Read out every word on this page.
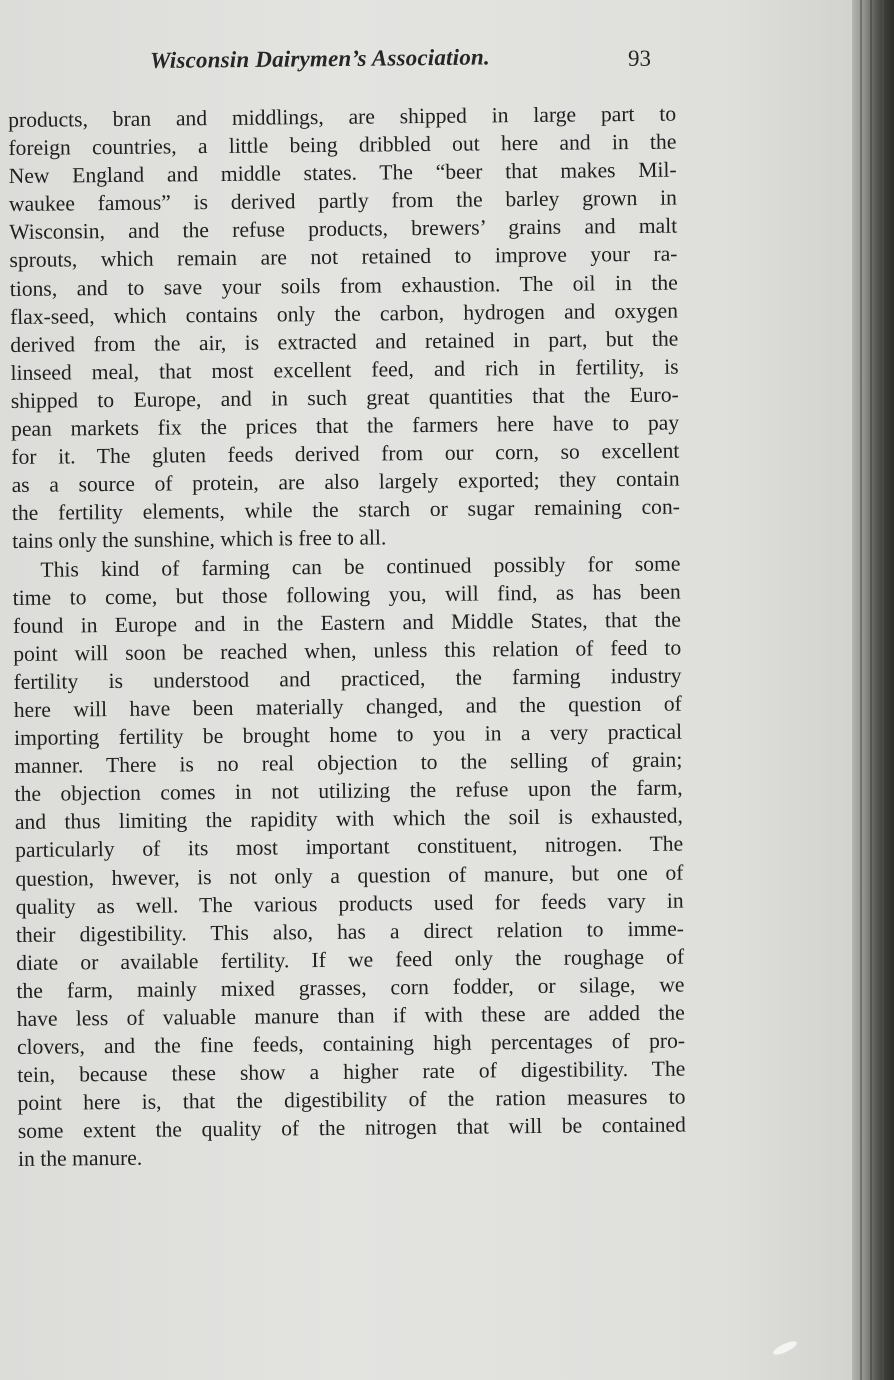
Wisconsin Dairymen’s Association.	93

products, bran and middlings, are shipped in large part to
foreign countries, a little being dribbled out here and in the
New England and middle states. The “beer that makes Mil-
waukee famous” is derived partly from the barley grown in
Wisconsin, and the refuse products, brewers’ grains and malt
sprouts, which remain are not retained to improve your ra-
tions, and to save your soils from exhaustion. The oil in the
flax-seed, which contains only the carbon, hydrogen and oxygen
derived from the air, is extracted and retained in part, but the
linseed meal, that most excellent feed, and rich in fertility, is
shipped to Europe, and in such great quantities that the Euro-
pean markets fix the prices that the farmers here have to pay
for it. The gluten feeds derived from our corn, so excellent
as a source of protein, are also largely exported; they contain
the fertility elements, while the starch or sugar remaining con-
tains only the sunshine, which is free to all.

This kind of farming can be continued possibly for some
time to come, but those following you, will find, as has been
found in Europe and in the Eastern and Middle States, that the
point will soon be reached when, unless this relation of feed to
fertility is understood and practiced, the farming industry
here will have been materially changed, and the question of
importing fertility be brought home to you in a very practical
manner. There is no real objection to the selling of grain;
the objection comes in not utilizing the refuse upon the farm,
and thus limiting the rapidity with which the soil is exhausted,
particularly of its most important constituent, nitrogen. The
question, hwever, is not only a question of manure, but one of
quality as well. The various products used for feeds vary in
their digestibility. This also, has a direct relation to imme-
diate or available fertility. If we feed only the roughage of
the farm, mainly mixed grasses, corn fodder, or silage, we
have less of valuable manure than if with these are added the
clovers, and the fine feeds, containing high percentages of pro-
tein, because these show a higher rate of digestibility. The
point here is, that the digestibility of the ration measures to
some extent the quality of the nitrogen that will be contained
in the manure.
